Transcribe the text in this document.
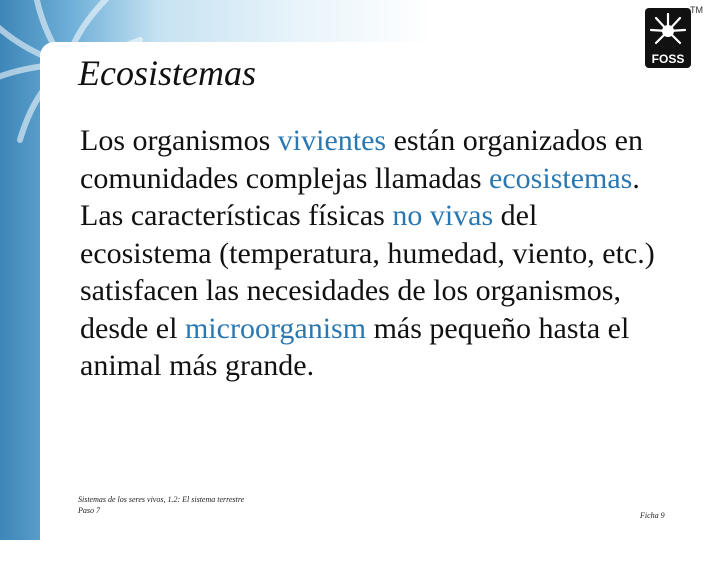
Ecosistemas

Los organismos vivientes están organizados en comunidades complejas llamadas ecosistemas. Las características físicas no vivas del ecosistema (temperatura, humedad, viento, etc.) satisfacen las necesidades de los organismos, desde el microorganism más pequeño hasta el animal más grande.

FOSS
TM
Sistemas de los seres vivos, 1.2: El sistema terrestre
Paso 7
Ficha 9
